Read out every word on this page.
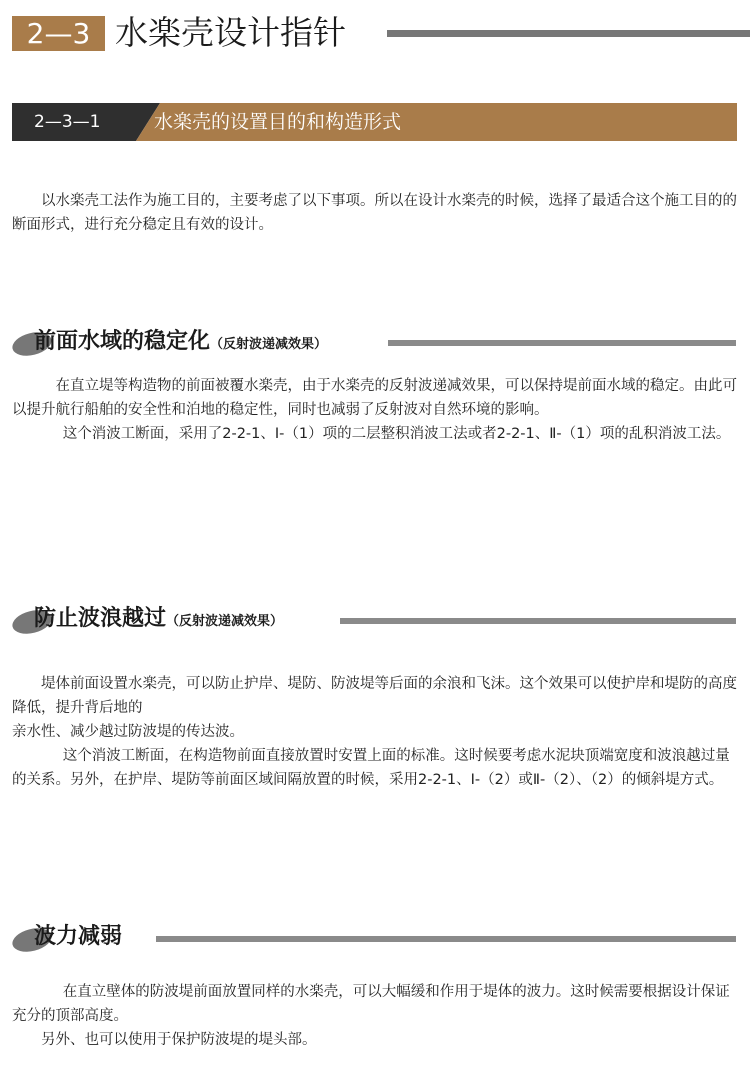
2—3 水楽壳设计指针
2—3—1	水楽壳的设置目的和构造形式

以水楽壳工法作为施工目的，主要考虑了以下事项。所以在设计水楽壳的时候，选择了最适合这个施工目的的断面形式，进行充分稳定且有效的设计。

前面水域的稳定化（反射波递减效果）

在直立堤等构造物的前面被覆水楽壳，由于水楽壳的反射波递减效果，可以保持堤前面水域的稳定。由此可以提升航行船舶的安全性和泊地的稳定性，同时也减弱了反射波对自然环境的影响。

这个消波工断面，采用了2-2-1、Ⅰ-（1）项的二层整积消波工法或者2-2-1、Ⅱ-（1）项的乱积消波工法。

防止波浪越过（反射波递减效果）

堤体前面设置水楽壳，可以防止护岸、堤防、防波堤等后面的余浪和飞沫。这个效果可以使护岸和堤防的高度降低，提升背后地的

亲水性、减少越过防波堤的传达波。

这个消波工断面，在构造物前面直接放置时安置上面的标准。这时候要考虑水泥块顶端宽度和波浪越过量的关系。另外，在护岸、堤防等前面区域间隔放置的时候，采用2-2-1、Ⅰ-（2）或Ⅱ-（2）、（2）的倾斜堤方式。

波力减弱

在直立壁体的防波堤前面放置同样的水楽壳，可以大幅缓和作用于堤体的波力。这时候需要根据设计保证充分的顶部高度。

另外、也可以使用于保护防波堤的堤头部。
